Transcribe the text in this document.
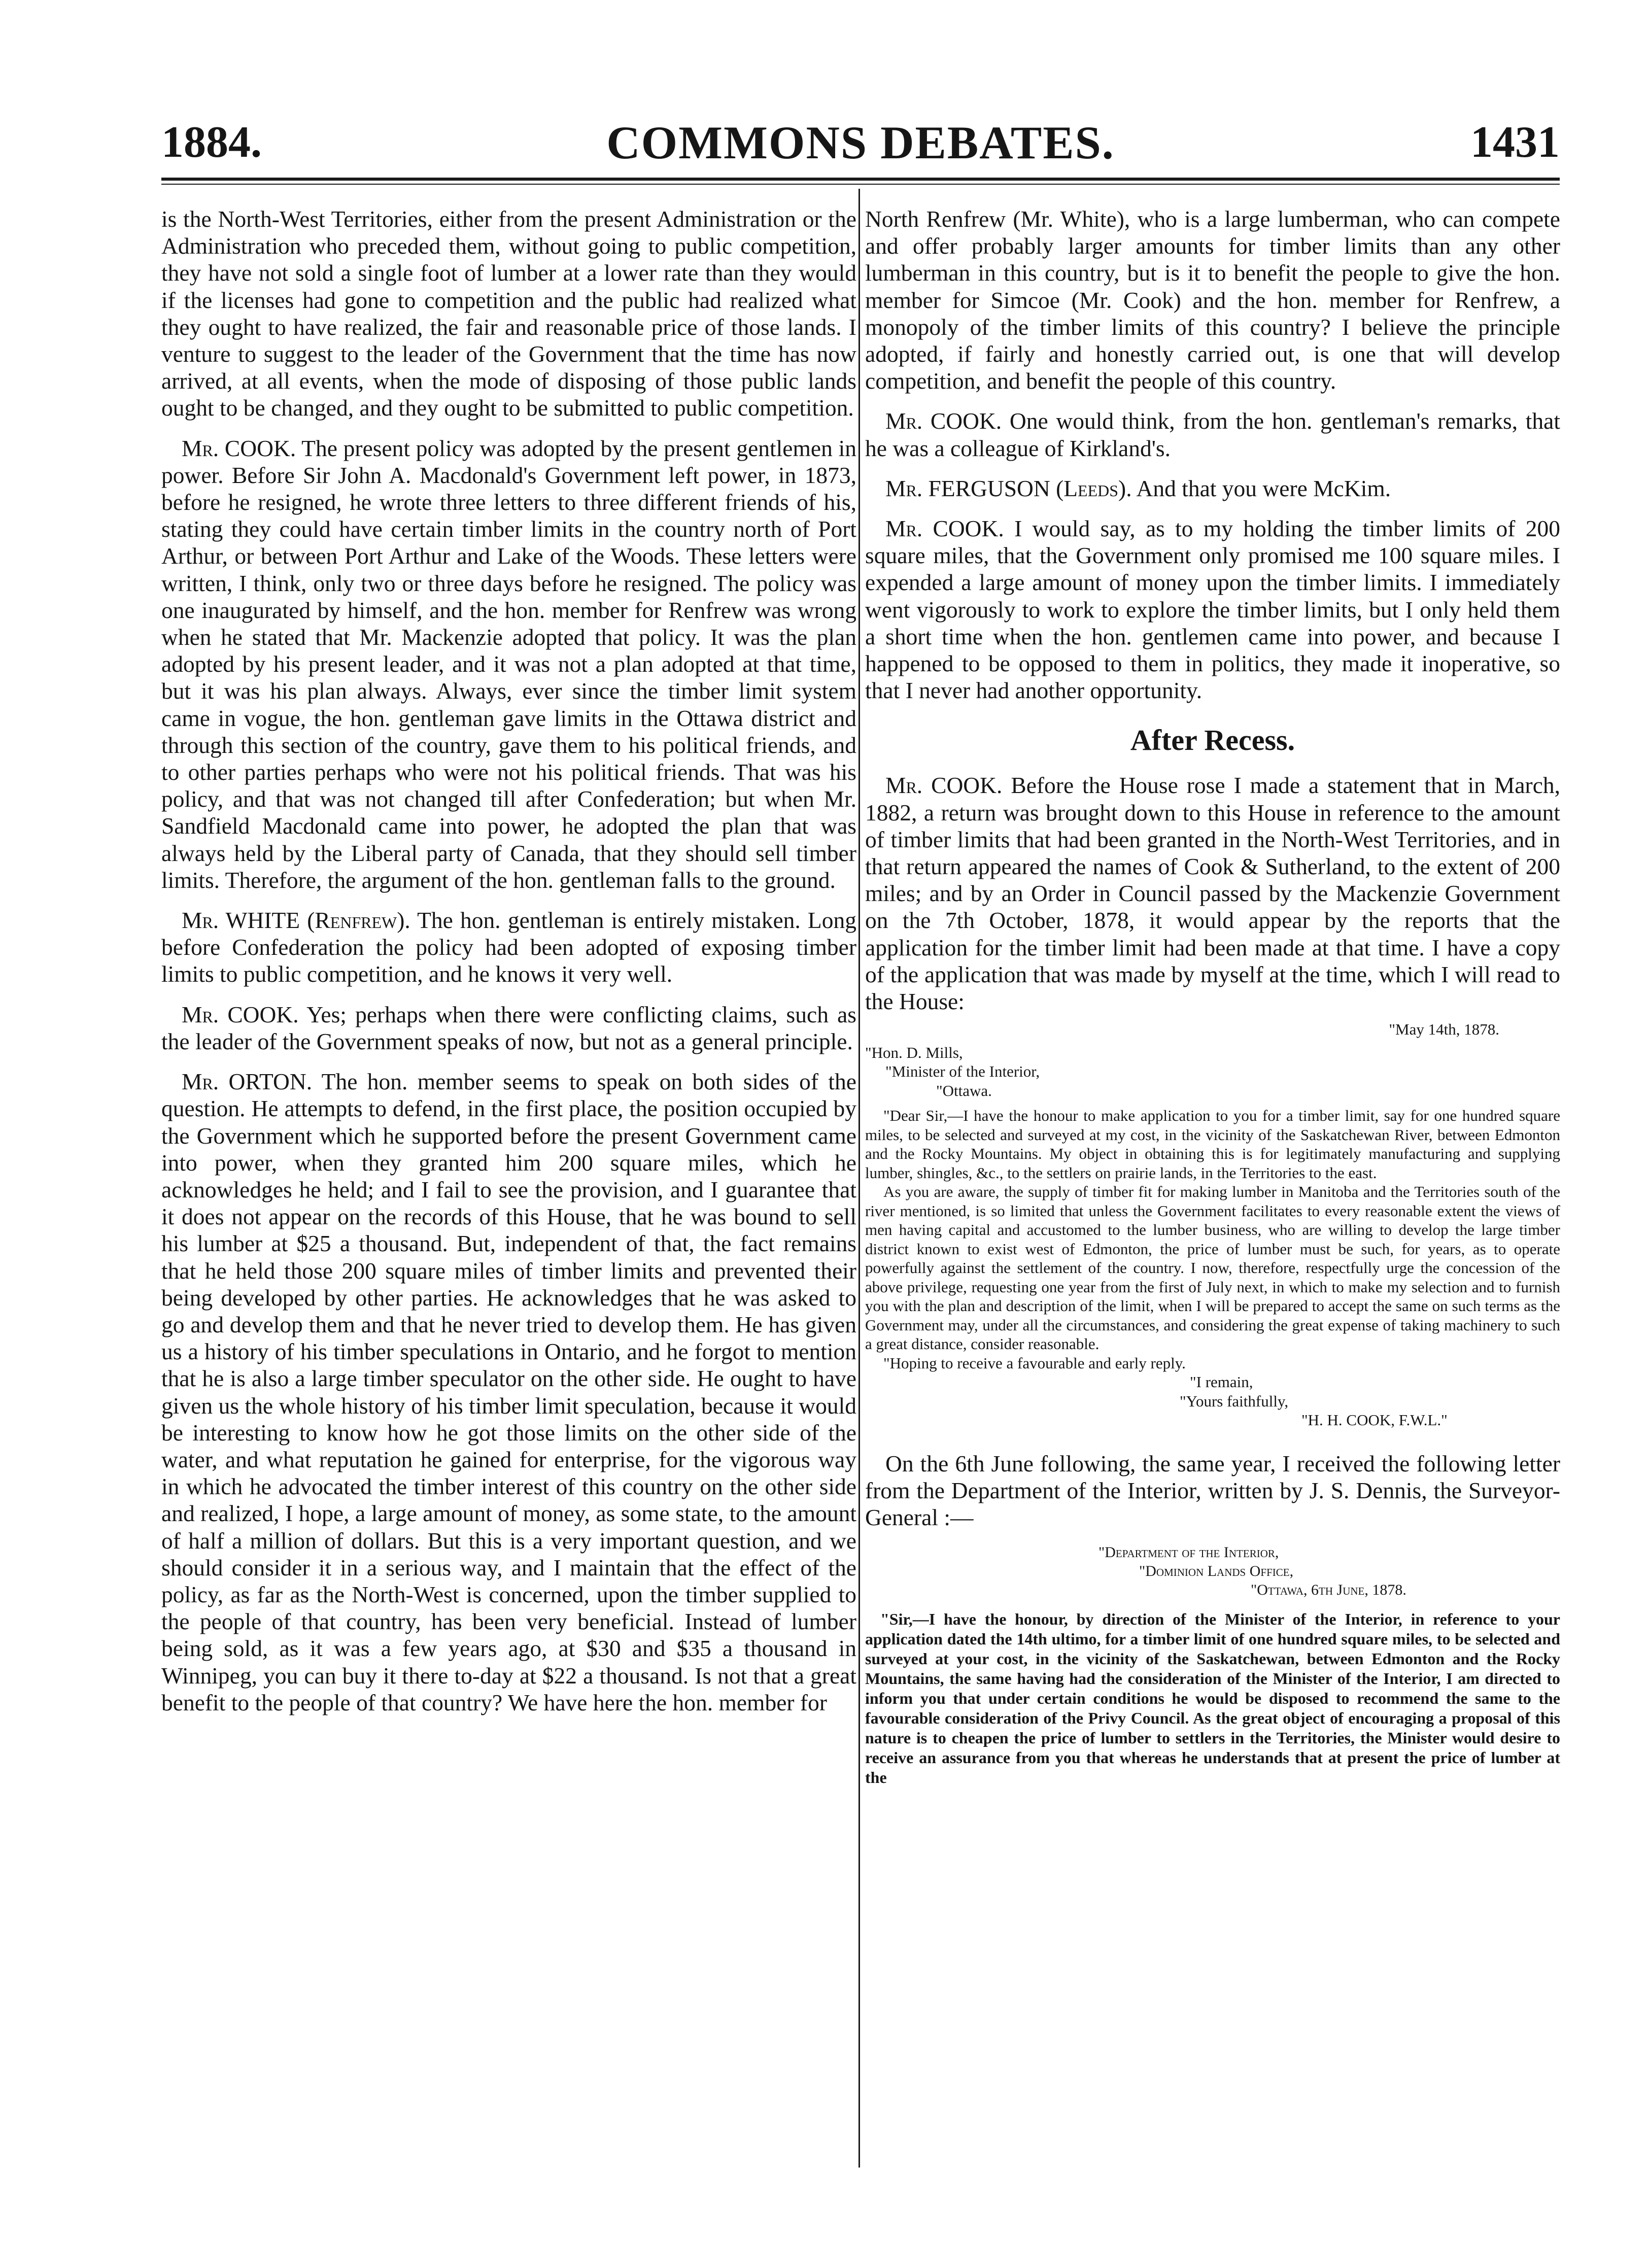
1884.	COMMONS DEBATES.	1431

is the North-West Territories, either from the present Administration or the Administration who preceded them, without going to public competition, they have not sold a single foot of lumber at a lower rate than they would if the licenses had gone to competition and the public had realized what they ought to have realized, the fair and reasonable price of those lands. I venture to suggest to the leader of the Government that the time has now arrived, at all events, when the mode of disposing of those public lands ought to be changed, and they ought to be submitted to public competition.

Mr. COOK. The present policy was adopted by the present gentlemen in power. Before Sir John A. Macdonald's Government left power, in 1873, before he resigned, he wrote three letters to three different friends of his, stating they could have certain timber limits in the country north of Port Arthur, or between Port Arthur and Lake of the Woods. These letters were written, I think, only two or three days before he resigned. The policy was one inaugurated by himself, and the hon. member for Renfrew was wrong when he stated that Mr. Mackenzie adopted that policy. It was the plan adopted by his present leader, and it was not a plan adopted at that time, but it was his plan always. Always, ever since the timber limit system came in vogue, the hon. gentleman gave limits in the Ottawa district and through this section of the country, gave them to his political friends, and to other parties perhaps who were not his political friends. That was his policy, and that was not changed till after Confederation; but when Mr. Sandfield Macdonald came into power, he adopted the plan that was always held by the Liberal party of Canada, that they should sell timber limits. Therefore, the argument of the hon. gentleman falls to the ground.

Mr. WHITE (Renfrew). The hon. gentleman is entirely mistaken. Long before Confederation the policy had been adopted of exposing timber limits to public competition, and he knows it very well.

Mr. COOK. Yes; perhaps when there were conflicting claims, such as the leader of the Government speaks of now, but not as a general principle.

Mr. ORTON. The hon. member seems to speak on both sides of the question. He attempts to defend, in the first place, the position occupied by the Government which he supported before the present Government came into power, when they granted him 200 square miles, which he acknowledges he held; and I fail to see the provision, and I guarantee that it does not appear on the records of this House, that he was bound to sell his lumber at $25 a thousand. But, independent of that, the fact remains that he held those 200 square miles of timber limits and prevented their being developed by other parties. He acknowledges that he was asked to go and develop them and that he never tried to develop them. He has given us a history of his timber speculations in Ontario, and he forgot to mention that he is also a large timber speculator on the other side. He ought to have given us the whole history of his timber limit speculation, because it would be interesting to know how he got those limits on the other side of the water, and what reputation he gained for enterprise, for the vigorous way in which he advocated the timber interest of this country on the other side and realized, I hope, a large amount of money, as some state, to the amount of half a million of dollars. But this is a very important question, and we should consider it in a serious way, and I maintain that the effect of the policy, as far as the North-West is concerned, upon the timber supplied to the people of that country, has been very beneficial. Instead of lumber being sold, as it was a few years ago, at $30 and $35 a thousand in Winnipeg, you can buy it there to-day at $22 a thousand. Is not that a great benefit to the people of that country? We have here the hon. member for

North Renfrew (Mr. White), who is a large lumberman, who can compete and offer probably larger amounts for timber limits than any other lumberman in this country, but is it to benefit the people to give the hon. member for Simcoe (Mr. Cook) and the hon. member for Renfrew, a monopoly of the timber limits of this country? I believe the principle adopted, if fairly and honestly carried out, is one that will develop competition, and benefit the people of this country.

Mr. COOK. One would think, from the hon. gentleman's remarks, that he was a colleague of Kirkland's.

Mr. FERGUSON (Leeds). And that you were McKim.

Mr. COOK. I would say, as to my holding the timber limits of 200 square miles, that the Government only promised me 100 square miles. I expended a large amount of money upon the timber limits. I immediately went vigorously to work to explore the timber limits, but I only held them a short time when the hon. gentlemen came into power, and because I happened to be opposed to them in politics, they made it inoperative, so that I never had another opportunity.

After Recess.

Mr. COOK. Before the House rose I made a statement that in March, 1882, a return was brought down to this House in reference to the amount of timber limits that had been granted in the North-West Territories, and in that return appeared the names of Cook & Sutherland, to the extent of 200 miles; and by an Order in Council passed by the Mackenzie Government on the 7th October, 1878, it would appear by the reports that the application for the timber limit had been made at that time. I have a copy of the application that was made by myself at the time, which I will read to the House:

"May 14th, 1878.
"Hon. D. Mills,
"Minister of the Interior,
"Ottawa.

"Dear Sir,—I have the honour to make application to you for a timber limit, say for one hundred square miles, to be selected and surveyed at my cost, in the vicinity of the Saskatchewan River, between Edmonton and the Rocky Mountains. My object in obtaining this is for legitimately manufacturing and supplying lumber, shingles, &c., to the settlers on prairie lands, in the Territories to the east.

As you are aware, the supply of timber fit for making lumber in Manitoba and the Territories south of the river mentioned, is so limited that unless the Government facilitates to every reasonable extent the views of men having capital and accustomed to the lumber business, who are willing to develop the large timber district known to exist west of Edmonton, the price of lumber must be such, for years, as to operate powerfully against the settlement of the country. I now, therefore, respectfully urge the concession of the above privilege, requesting one year from the first of July next, in which to make my selection and to furnish you with the plan and description of the limit, when I will be prepared to accept the same on such terms as the Government may, under all the circumstances, and considering the great expense of taking machinery to such a great distance, consider reasonable.

"Hoping to receive a favourable and early reply.

"I remain,
"Yours faithfully,
"H. H. COOK, F.W.L."

On the 6th June following, the same year, I received the following letter from the Department of the Interior, written by J. S. Dennis, the Surveyor-General :—

"Department of the Interior,
"Dominion Lands Office,
"Ottawa, 6th June, 1878.

"Sir,—I have the honour, by direction of the Minister of the Interior, in reference to your application dated the 14th ultimo, for a timber limit of one hundred square miles, to be selected and surveyed at your cost, in the vicinity of the Saskatchewan, between Edmonton and the Rocky Mountains, the same having had the consideration of the Minister of the Interior, I am directed to inform you that under certain conditions he would be disposed to recommend the same to the favourable consideration of the Privy Council. As the great object of encouraging a proposal of this nature is to cheapen the price of lumber to settlers in the Territories, the Minister would desire to receive an assurance from you that whereas he understands that at present the price of lumber at the
